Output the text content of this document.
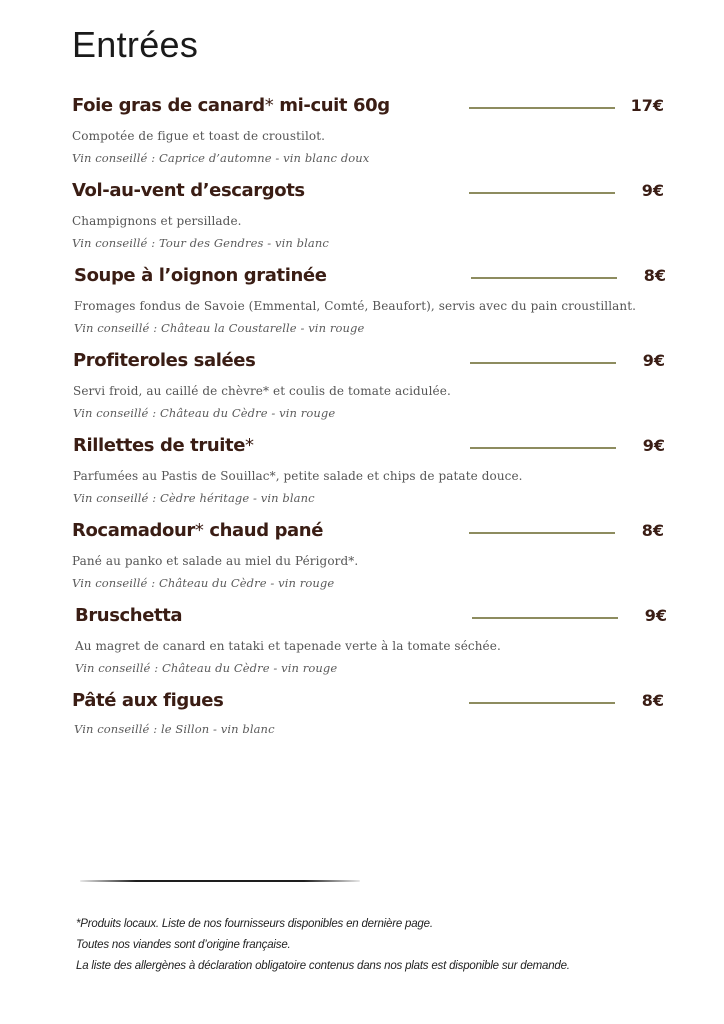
Entrées
Foie gras de canard* mi-cuit 60g	17€
Compotée de figue et toast de croustilot.
Vin conseillé : Caprice d’automne - vin blanc doux
Vol-au-vent d’escargots	9€
Champignons et persillade.
Vin conseillé : Tour des Gendres - vin blanc
Soupe à l’oignon gratinée	8€
Fromages fondus de Savoie (Emmental, Comté, Beaufort), servis avec du pain croustillant.
Vin conseillé : Château la Coustarelle - vin rouge
Profiteroles salées	9€
Servi froid, au caillé de chèvre* et coulis de tomate acidulée.
Vin conseillé : Château du Cèdre - vin rouge
Rillettes de truite*	9€
Parfumées au Pastis de Souillac*, petite salade et chips de patate douce.
Vin conseillé : Cèdre héritage - vin blanc
Rocamadour* chaud pané	8€
Pané au panko et salade au miel du Périgord*.
Vin conseillé : Château du Cèdre - vin rouge
Bruschetta	9€
Au magret de canard en tataki et tapenade verte à la tomate séchée.
Vin conseillé : Château du Cèdre - vin rouge
Pâté aux figues	8€
Vin conseillé : le Sillon - vin blanc
*Produits locaux. Liste de nos fournisseurs disponibles en dernière page.
Toutes nos viandes sont d’origine française.
La liste des allergènes à déclaration obligatoire contenus dans nos plats est disponible sur demande.
